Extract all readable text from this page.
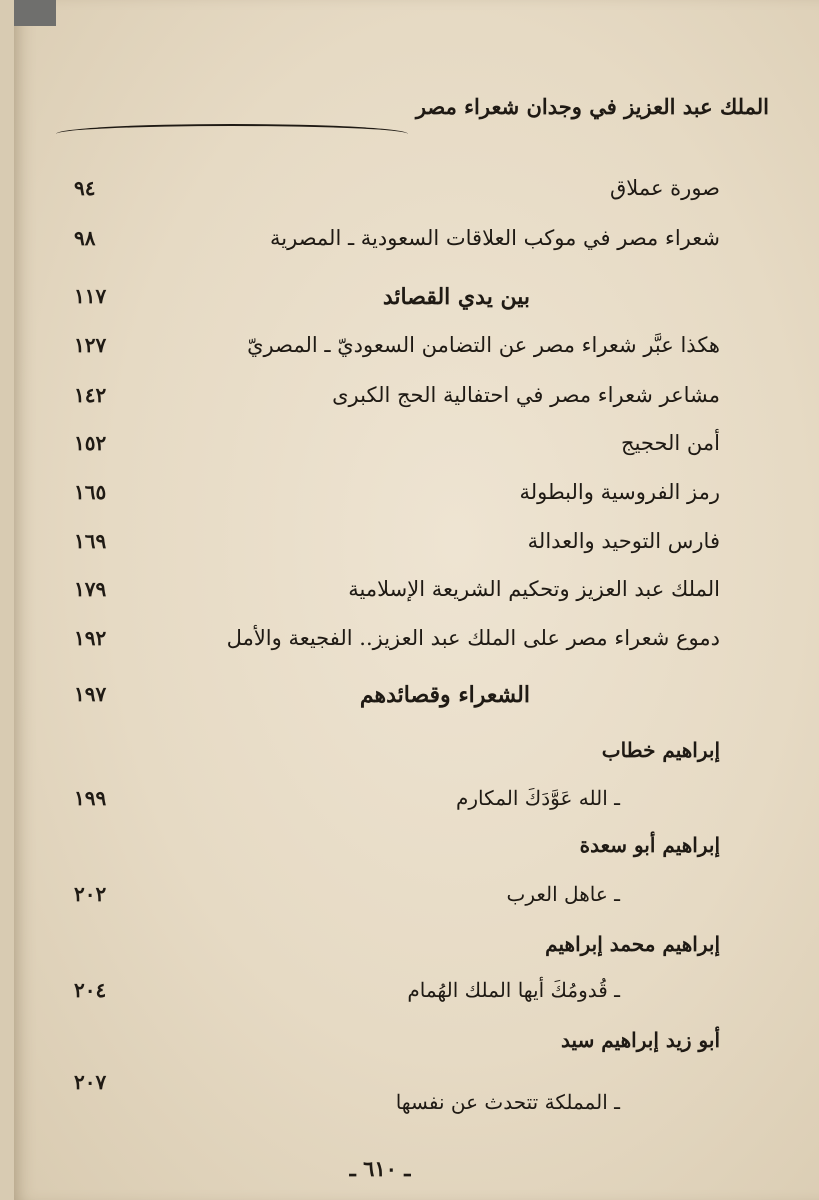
الملك عبد العزيز في وجدان شعراء مصر
صورة عملاق
٩٤
شعراء مصر في موكب العلاقات السعودية ـ المصرية
٩٨
بين يدي القصائد
١١٧
هكذا عبَّر شعراء مصر عن التضامن السعوديّ ـ المصريّ
١٢٧
مشاعر شعراء مصر في احتفالية الحج الكبرى
١٤٢
أمن الحجيج
١٥٢
رمز الفروسية والبطولة
١٦٥
فارس التوحيد والعدالة
١٦٩
الملك عبد العزيز وتحكيم الشريعة الإسلامية
١٧٩
دموع شعراء مصر على الملك عبد العزيز.. الفجيعة والأمل
١٩٢
الشعراء وقصائدهم
١٩٧
إبراهيم خطاب
ـ الله عَوَّدَكَ المكارم
١٩٩
إبراهيم أبو سعدة
ـ عاهل العرب
٢٠٢
إبراهيم محمد إبراهيم
ـ قُدومُكَ أيها الملك الهُمام
٢٠٤
أبو زيد إبراهيم سيد
٢٠٧
ـ المملكة تتحدث عن نفسها
ـ ٦١٠ ـ
